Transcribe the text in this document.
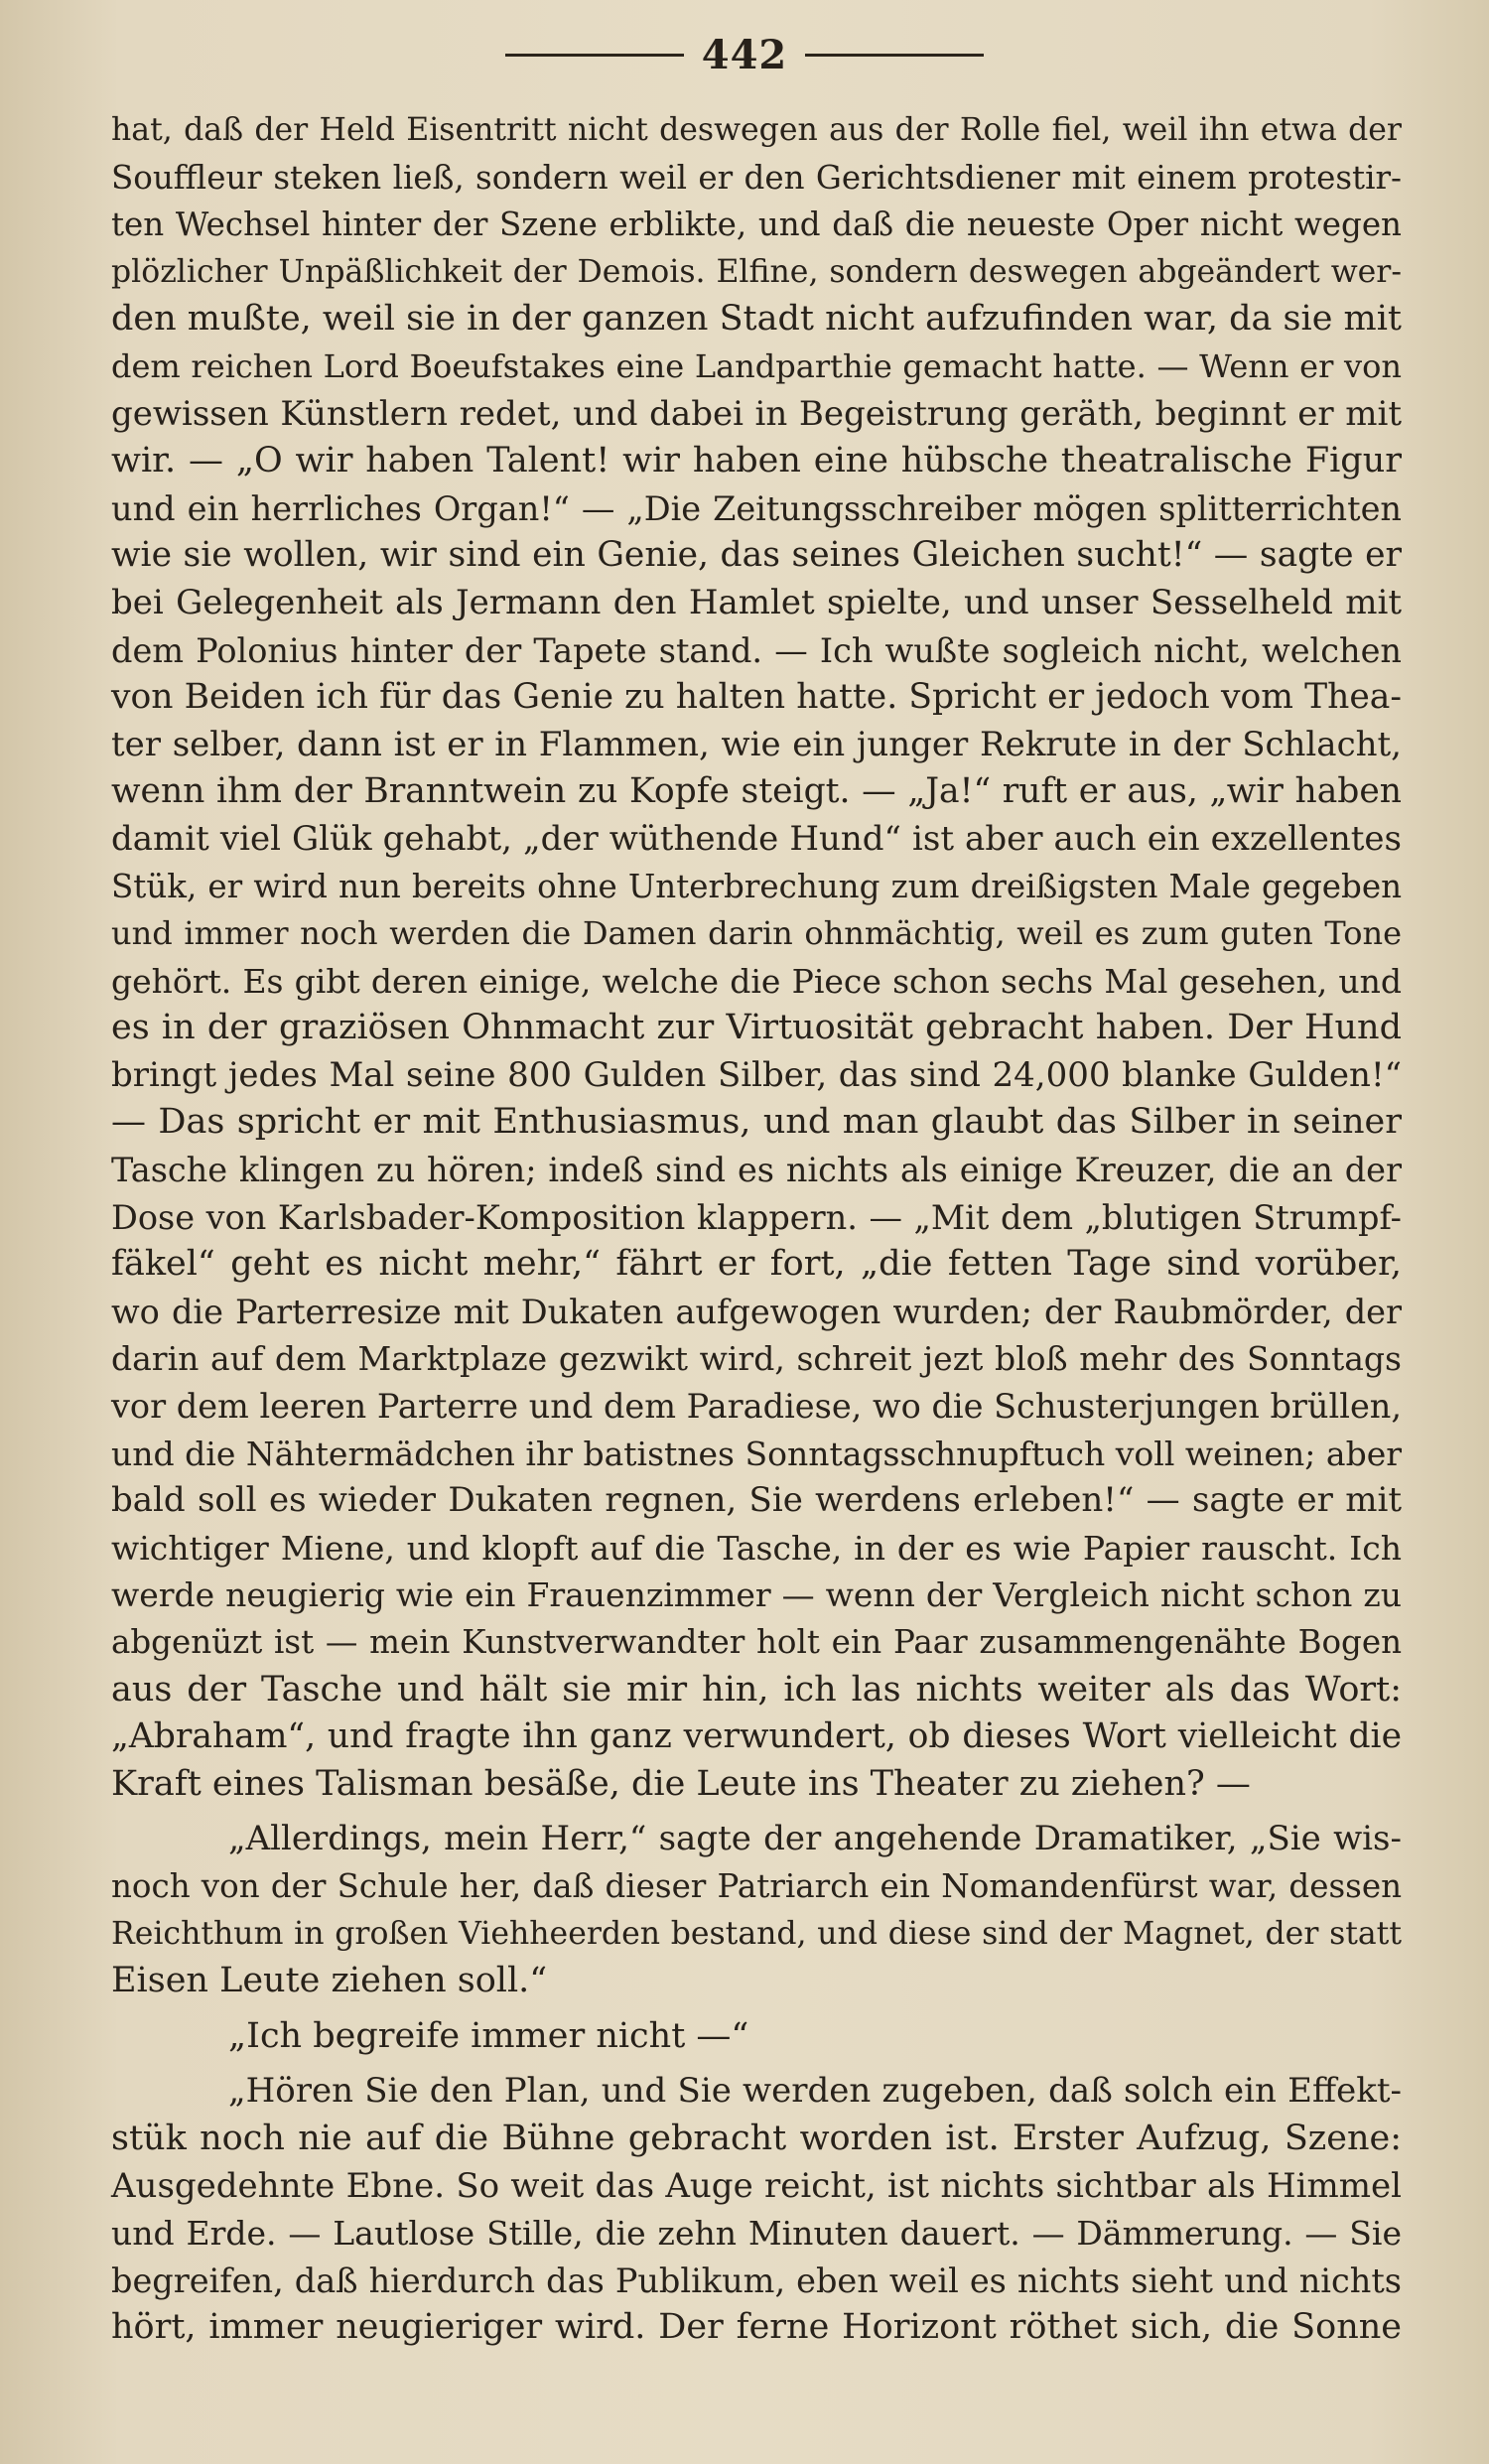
442
hat, daß der Held Eisentritt nicht deswegen aus der Rolle fiel, weil ihn etwa der
Souffleur steken ließ, sondern weil er den Gerichtsdiener mit einem protestir-
ten Wechsel hinter der Szene erblikte, und daß die neueste Oper nicht wegen
plözlicher Unpäßlichkeit der Demois. Elfine, sondern deswegen abgeändert wer-
den mußte, weil sie in der ganzen Stadt nicht aufzufinden war, da sie mit
dem reichen Lord Boeufstakes eine Landparthie gemacht hatte. — Wenn er von
gewissen Künstlern redet, und dabei in Begeistrung geräth, beginnt er mit
wir. — „O wir haben Talent! wir haben eine hübsche theatralische Figur
und ein herrliches Organ!“ — „Die Zeitungsschreiber mögen splitterrichten
wie sie wollen, wir sind ein Genie, das seines Gleichen sucht!“ — sagte er
bei Gelegenheit als Jermann den Hamlet spielte, und unser Sesselheld mit
dem Polonius hinter der Tapete stand. — Ich wußte sogleich nicht, welchen
von Beiden ich für das Genie zu halten hatte. Spricht er jedoch vom Thea-
ter selber, dann ist er in Flammen, wie ein junger Rekrute in der Schlacht,
wenn ihm der Branntwein zu Kopfe steigt. — „Ja!“ ruft er aus, „wir haben
damit viel Glük gehabt, „der wüthende Hund“ ist aber auch ein exzellentes
Stük, er wird nun bereits ohne Unterbrechung zum dreißigsten Male gegeben
und immer noch werden die Damen darin ohnmächtig, weil es zum guten Tone
gehört. Es gibt deren einige, welche die Piece schon sechs Mal gesehen, und
es in der graziösen Ohnmacht zur Virtuosität gebracht haben. Der Hund
bringt jedes Mal seine 800 Gulden Silber, das sind 24,000 blanke Gulden!“
— Das spricht er mit Enthusiasmus, und man glaubt das Silber in seiner
Tasche klingen zu hören; indeß sind es nichts als einige Kreuzer, die an der
Dose von Karlsbader-Komposition klappern. — „Mit dem „blutigen Strumpf-
fäkel“ geht es nicht mehr,“ fährt er fort, „die fetten Tage sind vorüber,
wo die Parterresize mit Dukaten aufgewogen wurden; der Raubmörder, der
darin auf dem Marktplaze gezwikt wird, schreit jezt bloß mehr des Sonntags
vor dem leeren Parterre und dem Paradiese, wo die Schusterjungen brüllen,
und die Nähtermädchen ihr batistnes Sonntagsschnupftuch voll weinen; aber
bald soll es wieder Dukaten regnen, Sie werdens erleben!“ — sagte er mit
wichtiger Miene, und klopft auf die Tasche, in der es wie Papier rauscht. Ich
werde neugierig wie ein Frauenzimmer — wenn der Vergleich nicht schon zu
abgenüzt ist — mein Kunstverwandter holt ein Paar zusammengenähte Bogen
aus der Tasche und hält sie mir hin, ich las nichts weiter als das Wort:
„Abraham“, und fragte ihn ganz verwundert, ob dieses Wort vielleicht die
Kraft eines Talisman besäße, die Leute ins Theater zu ziehen? —
„Allerdings, mein Herr,“ sagte der angehende Dramatiker, „Sie wis-
noch von der Schule her, daß dieser Patriarch ein Nomandenfürst war, dessen
Reichthum in großen Viehheerden bestand, und diese sind der Magnet, der statt
Eisen Leute ziehen soll.“
„Ich begreife immer nicht —“
„Hören Sie den Plan, und Sie werden zugeben, daß solch ein Effekt-
stük noch nie auf die Bühne gebracht worden ist. Erster Aufzug, Szene:
Ausgedehnte Ebne. So weit das Auge reicht, ist nichts sichtbar als Himmel
und Erde. — Lautlose Stille, die zehn Minuten dauert. — Dämmerung. — Sie
begreifen, daß hierdurch das Publikum, eben weil es nichts sieht und nichts
hört, immer neugieriger wird. Der ferne Horizont röthet sich, die Sonne
